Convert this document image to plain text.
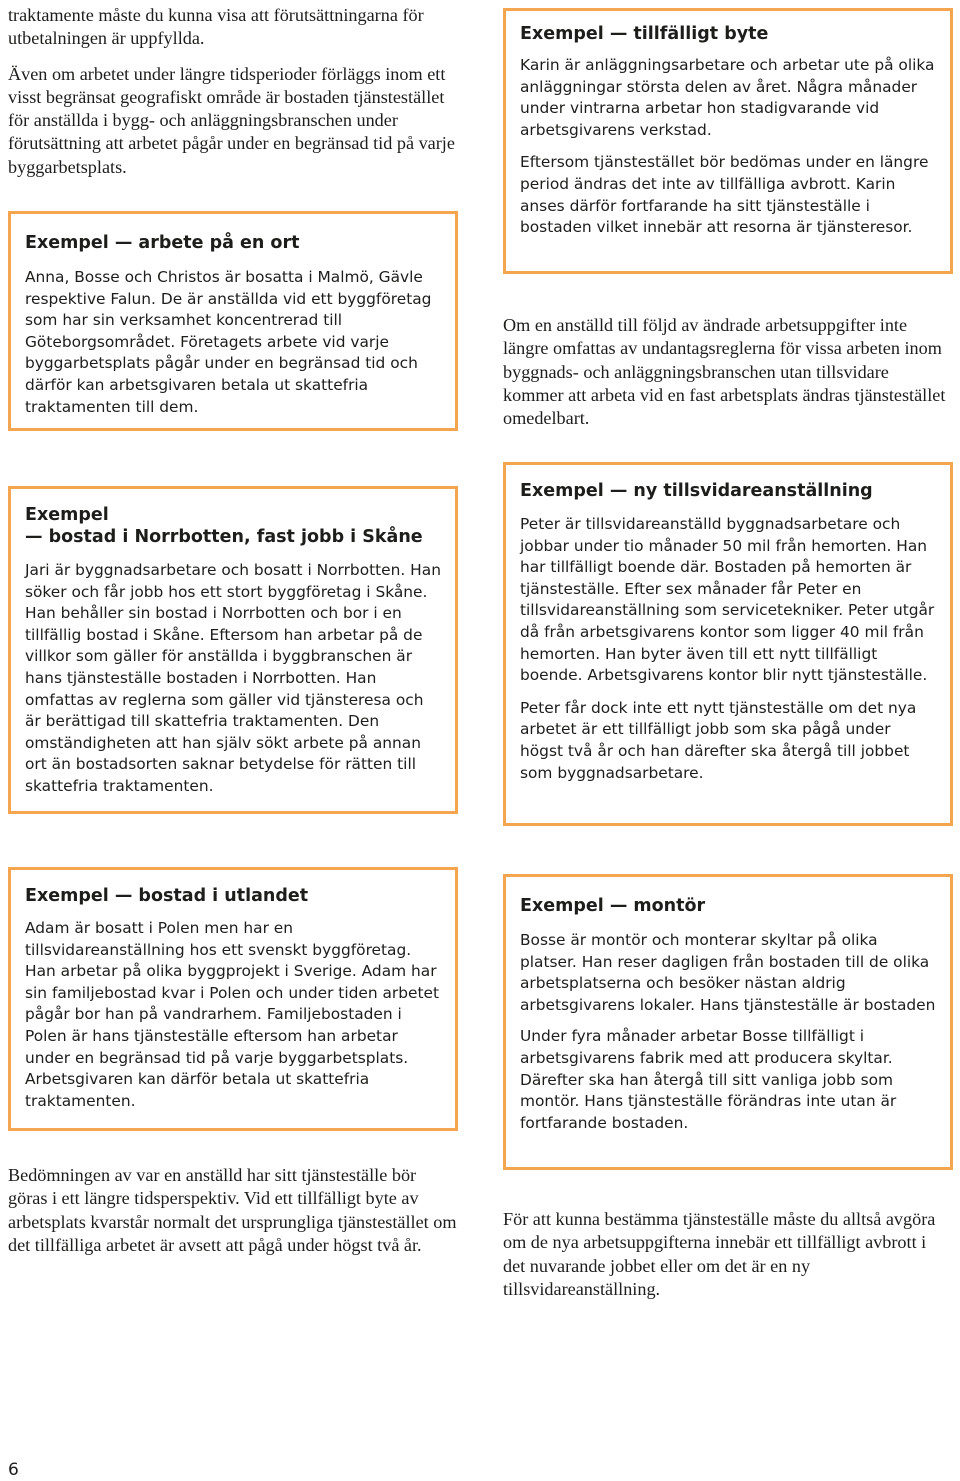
traktamente måste du kunna visa att förutsättningarna för utbetalningen är uppfyllda.

Även om arbetet under längre tidsperioder förläggs inom ett visst begränsat geografiskt område är bostaden tjänstestället för anställda i bygg- och anläggningsbranschen under förutsättning att arbetet pågår under en begränsad tid på varje byggarbetsplats.

Exempel — arbete på en ort

Anna, Bosse och Christos är bosatta i Malmö, Gävle respektive Falun. De är anställda vid ett byggföretag som har sin verksamhet koncentrerad till Göteborgsområdet. Företagets arbete vid varje byggarbetsplats pågår under en begränsad tid och därför kan arbetsgivaren betala ut skattefria traktamenten till dem.

Exempel — tillfälligt byte

Karin är anläggningsarbetare och arbetar ute på olika anläggningar största delen av året. Några månader under vintrarna arbetar hon stadigvarande vid arbetsgivarens verkstad.

Eftersom tjänstestället bör bedömas under en längre period ändras det inte av tillfälliga avbrott. Karin anses därför fortfarande ha sitt tjänsteställe i bostaden vilket innebär att resorna är tjänsteresor.

Om en anställd till följd av ändrade arbetsuppgifter inte längre omfattas av undantagsreglerna för vissa arbeten inom byggnads- och anläggningsbranschen utan tillsvidare kommer att arbeta vid en fast arbetsplats ändras tjänstestället omedelbart.

Exempel
— bostad i Norrbotten, fast jobb i Skåne

Jari är byggnadsarbetare och bosatt i Norrbotten. Han söker och får jobb hos ett stort byggföretag i Skåne. Han behåller sin bostad i Norrbotten och bor i en tillfällig bostad i Skåne. Eftersom han arbetar på de villkor som gäller för anställda i byggbranschen är hans tjänsteställe bostaden i Norrbotten. Han omfattas av reglerna som gäller vid tjänsteresa och är berättigad till skattefria traktamenten. Den omständigheten att han själv sökt arbete på annan ort än bostadsorten saknar betydelse för rätten till skattefria traktamenten.

Exempel — ny tillsvidareanställning

Peter är tillsvidareanställd byggnadsarbetare och jobbar under tio månader 50 mil från hemorten. Han har tillfälligt boende där. Bostaden på hemorten är tjänsteställe. Efter sex månader får Peter en tillsvidareanställning som servicetekniker. Peter utgår då från arbetsgivarens kontor som ligger 40 mil från hemorten. Han byter även till ett nytt tillfälligt boende. Arbetsgivarens kontor blir nytt tjänsteställe.

Peter får dock inte ett nytt tjänsteställe om det nya arbetet är ett tillfälligt jobb som ska pågå under högst två år och han därefter ska återgå till jobbet som byggnadsarbetare.

Exempel — bostad i utlandet

Adam är bosatt i Polen men har en tillsvidareanställning hos ett svenskt byggföretag. Han arbetar på olika byggprojekt i Sverige. Adam har sin familjebostad kvar i Polen och under tiden arbetet pågår bor han på vandrarhem. Familjebostaden i Polen är hans tjänsteställe eftersom han arbetar under en begränsad tid på varje byggarbetsplats. Arbetsgivaren kan därför betala ut skattefria traktamenten.

Exempel — montör

Bosse är montör och monterar skyltar på olika platser. Han reser dagligen från bostaden till de olika arbetsplatserna och besöker nästan aldrig arbetsgivarens lokaler. Hans tjänsteställe är bostaden

Under fyra månader arbetar Bosse tillfälligt i arbetsgivarens fabrik med att producera skyltar. Därefter ska han återgå till sitt vanliga jobb som montör. Hans tjänsteställe förändras inte utan är fortfarande bostaden.

Bedömningen av var en anställd har sitt tjänsteställe bör göras i ett längre tidsperspektiv. Vid ett tillfälligt byte av arbetsplats kvarstår normalt det ursprungliga tjänstestället om det tillfälliga arbetet är avsett att pågå under högst två år.

För att kunna bestämma tjänsteställe måste du alltså avgöra om de nya arbetsuppgifterna innebär ett tillfälligt avbrott i det nuvarande jobbet eller om det är en ny tillsvidareanställning.

6
